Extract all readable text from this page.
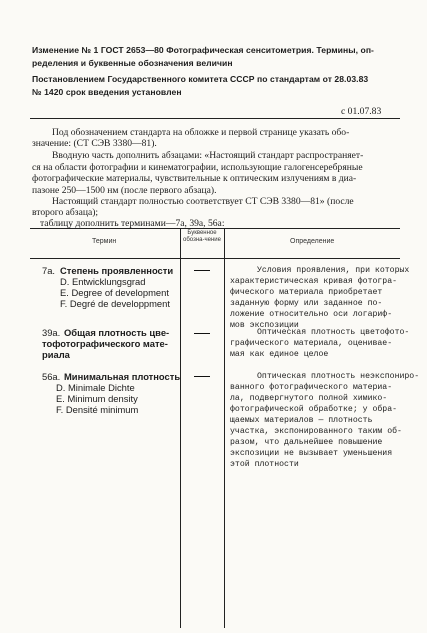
Изменение № 1 ГОСТ 2653—80 Фотографическая сенситометрия. Термины, оп-
ределения и буквенные обозначения величин
Постановлением Государственного комитета СССР по стандартам от 28.03.83
№ 1420 срок введения установлен
с 01.07.83
Под обозначением стандарта на обложке и первой странице указать обо-
значение: (СТ СЭВ 3380—81).
Вводную часть дополнить абзацами: «Настоящий стандарт распространяет-
ся на области фотографии и кинематографии, использующие галогенсеребряные
фотографические материалы, чувствительные к оптическим излучениям в диа-
пазоне 250—1500 нм (после первого абзаца).
Настоящий стандарт полностью соответствует СТ СЭВ 3380—81» (после
второго абзаца);
таблицу дополнить терминами—7а, 39а, 56а:
Термин
Буквенное обозна-чение	Определение
7а. Степень проявленности
D. Entwicklungsgrad
E. Degree of development
F. Degré de developpment
Условия проявления, при которых
характеристическая кривая фотогра-
фического материала приобретает
заданную форму или заданное по-
ложение относительно оси логариф-
мов экспозиции
39а. Общая плотность цве-
тофотографического мате-
риала
Оптическая плотность цветофото-
графического материала, оцениваe-
мая как единое целое
56а. Минимальная плотность
D. Minimale Dichte
E. Minimum density
F. Densité minimum
Оптическая плотность неэкспониро-
ванного фотографического материа-
ла, подвергнутого полной химико-
фотографической обработке; у обра-
щаемых материалов — плотность
участка, экспонированного таким об-
разом, что дальнейшее повышение
экспозиции не вызывает уменьшения
этой плотности
